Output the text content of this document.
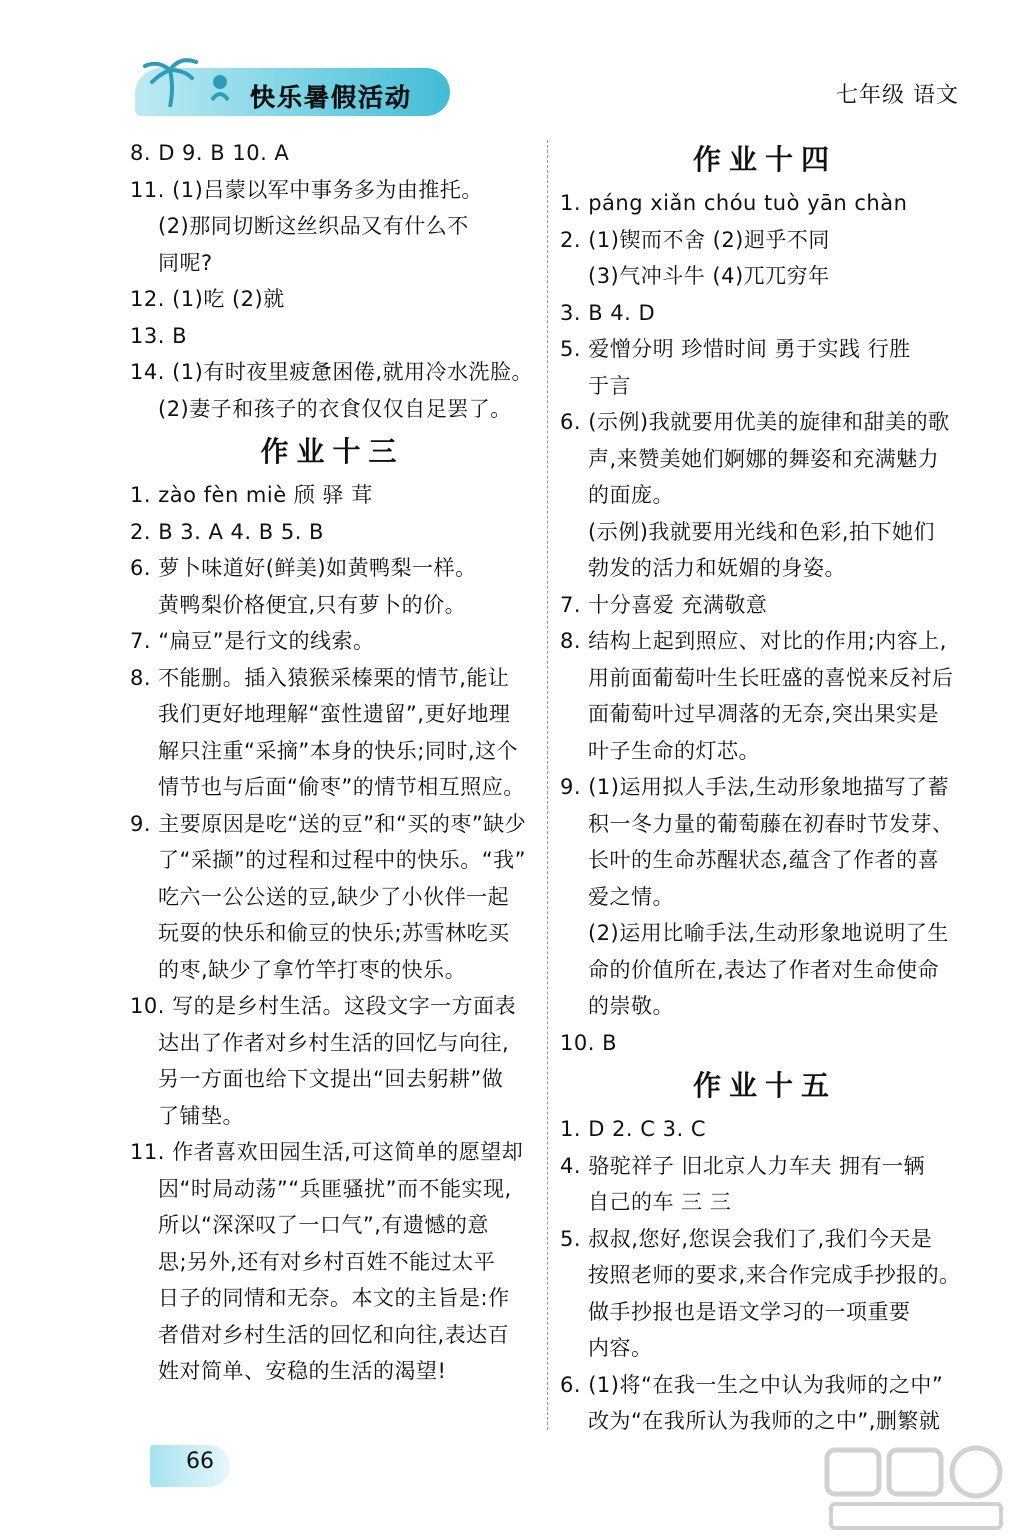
快乐暑假活动	七年级 语文
8. D 9. B 10. A
11. (1)吕蒙以军中事务多为由推托。
(2)那同切断这丝织品又有什么不
同呢?
12. (1)吃 (2)就
13. B
14. (1)有时夜里疲惫困倦,就用冷水洗脸。
(2)妻子和孩子的衣食仅仅自足罢了。
作业十三
1. zào fèn miè 颀 驿 茸
2. B 3. A 4. B 5. B
6. 萝卜味道好(鲜美)如黄鸭梨一样。
黄鸭梨价格便宜,只有萝卜的价。
7. “扁豆”是行文的线索。
8. 不能删。插入猿猴采榛栗的情节,能让
我们更好地理解“蛮性遗留”,更好地理
解只注重“采摘”本身的快乐;同时,这个
情节也与后面“偷枣”的情节相互照应。
9. 主要原因是吃“送的豆”和“买的枣”缺少
了“采撷”的过程和过程中的快乐。“我”
吃六一公公送的豆,缺少了小伙伴一起
玩耍的快乐和偷豆的快乐;苏雪林吃买
的枣,缺少了拿竹竿打枣的快乐。
10. 写的是乡村生活。这段文字一方面表
达出了作者对乡村生活的回忆与向往,
另一方面也给下文提出“回去躬耕”做
了铺垫。
11. 作者喜欢田园生活,可这简单的愿望却
因“时局动荡”“兵匪骚扰”而不能实现,
所以“深深叹了一口气”,有遗憾的意
思;另外,还有对乡村百姓不能过太平
日子的同情和无奈。本文的主旨是:作
者借对乡村生活的回忆和向往,表达百
姓对简单、安稳的生活的渴望!
作业十四
1. páng xiǎn chóu tuò yān chàn
2. (1)锲而不舍 (2)迥乎不同
(3)气冲斗牛 (4)兀兀穷年
3. B 4. D
5. 爱憎分明 珍惜时间 勇于实践 行胜
于言
6. (示例)我就要用优美的旋律和甜美的歌
声,来赞美她们婀娜的舞姿和充满魅力
的面庞。
(示例)我就要用光线和色彩,拍下她们
勃发的活力和妩媚的身姿。
7. 十分喜爱 充满敬意
8. 结构上起到照应、对比的作用;内容上,
用前面葡萄叶生长旺盛的喜悦来反衬后
面葡萄叶过早凋落的无奈,突出果实是
叶子生命的灯芯。
9. (1)运用拟人手法,生动形象地描写了蓄
积一冬力量的葡萄藤在初春时节发芽、
长叶的生命苏醒状态,蕴含了作者的喜
爱之情。
(2)运用比喻手法,生动形象地说明了生
命的价值所在,表达了作者对生命使命
的崇敬。
10. B
作业十五
1. D 2. C 3. C
4. 骆驼祥子 旧北京人力车夫 拥有一辆
自己的车 三 三
5. 叔叔,您好,您误会我们了,我们今天是
按照老师的要求,来合作完成手抄报的。
做手抄报也是语文学习的一项重要
内容。
6. (1)将“在我一生之中认为我师的之中”
改为“在我所认为我师的之中”,删繁就
66
